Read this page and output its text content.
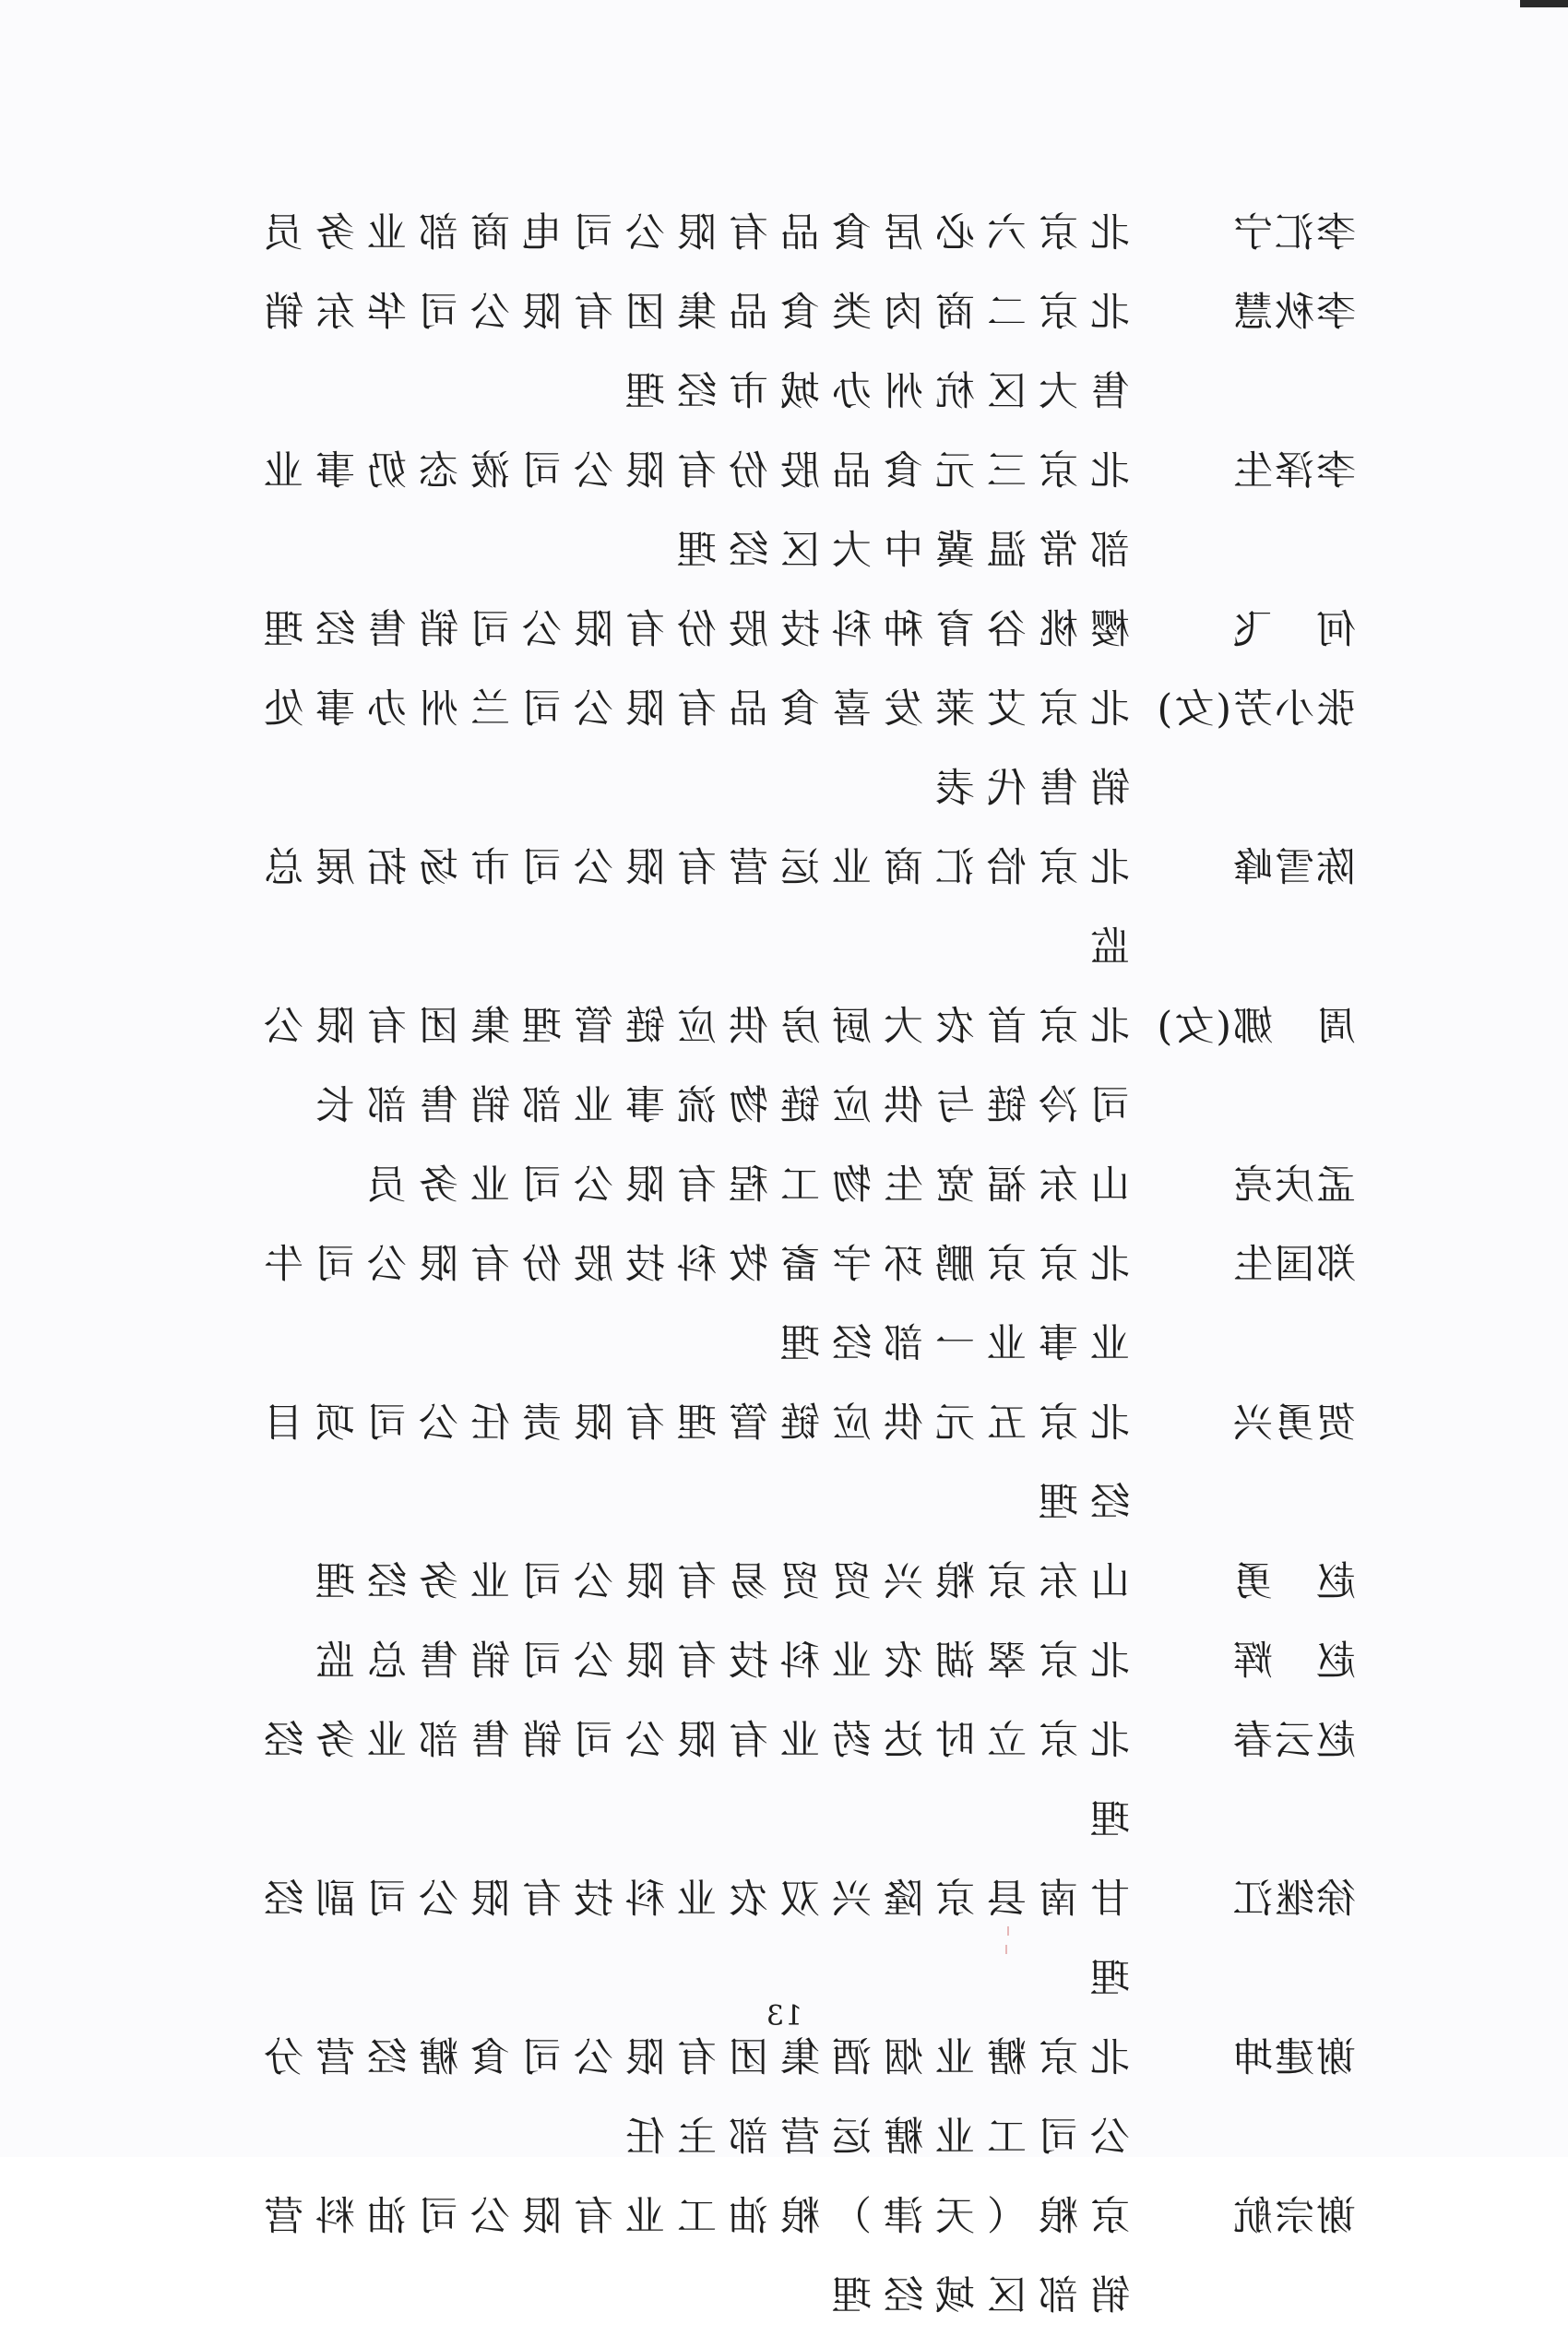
李汇宁
北京六必居食品有限公司电商部业务员
李秋慧
北京二商肉类食品集团有限公司华东销售大区杭州办城市经理
李泽生
北京三元食品股份有限公司液态奶事业部常温冀中大区经理
何　飞
樱桃谷育种科技股份有限公司销售经理
张小芳(女)
北京艾莱发喜食品有限公司兰州办事处销售代表
陈雪峰
北京恰汇商业运营有限公司市场拓展总监
周　娜(女)
北京首农大厨房供应链管理集团有限公司冷链与供应链物流事业部销售部长
孟庆亮
山东福宽生物工程有限公司业务员
郑国生
北京京鹏环宇畜牧科技股份有限公司牛业事业一部经理
贺勇兴
北京五元供应链管理有限责任公司项目经理
赵　勇
山东京粮兴贸贸易有限公司业务经理
赵　辉
北京翠湖农业科技有限公司销售总监
赵云春
北京立时达药业有限公司销售部业务经理
徐继江
甘南县京隆兴双农业科技有限公司副经理
谢建坤
北京糖业烟酒集团有限公司食糖经营分公司工业糖运营部主任
谢宗航
京粮（天津）粮油工业有限公司油料营销部区域经理
13
